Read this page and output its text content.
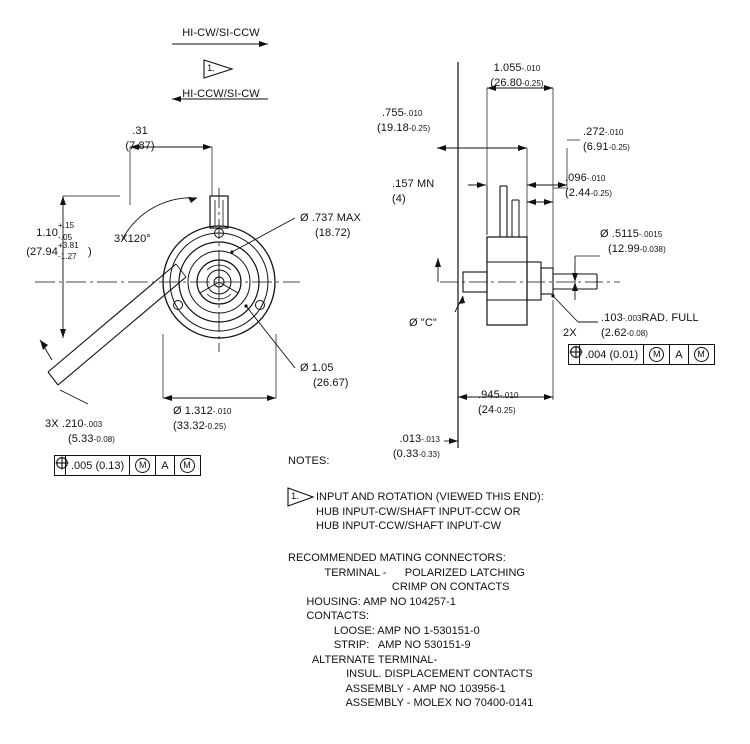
HI-CW/SI-CCW
HI-CCW/SI-CW
1.
.31
(7.87)
1.10
+.15
-.05
(27.94
+3.81
-1.27 )
3X120°
Ø .737 MAX
(18.72)
Ø 1.05
(26.67)
Ø 1.312-.010
(33.32-0.25)
3X .210-.003
(5.33-0.08)
.005 (0.13)	M	A	M
1.055-.010
(26.80-0.25)
.755-.010
(19.18-0.25)	.272-.010
(6.91-0.25)
.096-.010
(2.44-0.25)
.157 MN
(4)
Ø .5115-.0015
(12.99-0.038)
Ø "C"
2X
.103-.003RAD. FULL
(2.62-0.08)
.945-.010
(24-0.25)
.013-.013
(0.33-0.33)
.004 (0.01)	M	A	M
NOTES:
1. INPUT AND ROTATION (VIEWED THIS END):
HUB INPUT-CW/SHAFT INPUT-CCW OR
HUB INPUT-CCW/SHAFT INPUT-CW
RECOMMENDED MATING CONNECTORS:
TERMINAL -      POLARIZED LATCHING
CRIMP ON CONTACTS
HOUSING: AMP NO 104257-1
CONTACTS:
LOOSE: AMP NO 1-530151-0
STRIP:   AMP NO 530151-9
ALTERNATE TERMINAL-
INSUL. DISPLACEMENT CONTACTS
ASSEMBLY - AMP NO 103956-1
ASSEMBLY - MOLEX NO 70400-0141
